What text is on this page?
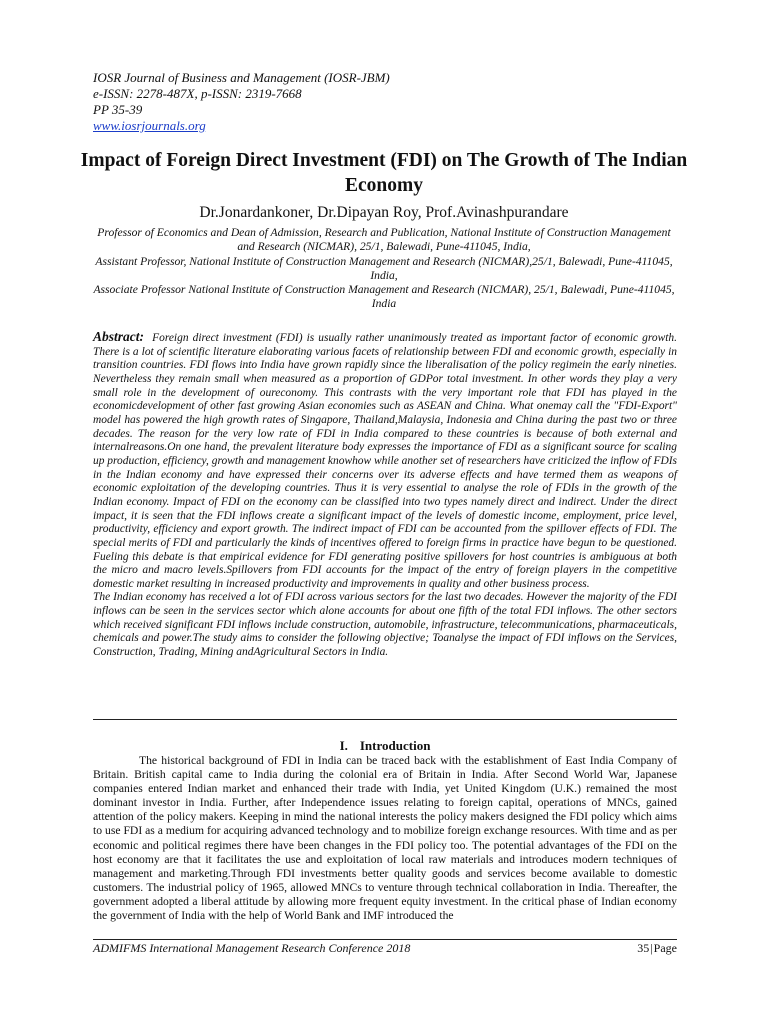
IOSR Journal of Business and Management (IOSR-JBM)
e-ISSN: 2278-487X, p-ISSN: 2319-7668
PP 35-39
www.iosrjournals.org
Impact of Foreign Direct Investment (FDI) on The Growth of The Indian Economy
Dr.Jonardankoner, Dr.Dipayan Roy, Prof.Avinashpurandare
Professor of Economics and Dean of Admission, Research and Publication, National Institute of Construction Management and Research (NICMAR), 25/1, Balewadi, Pune-411045, India,
Assistant Professor, National Institute of Construction Management and Research (NICMAR),25/1, Balewadi, Pune-411045, India,
Associate Professor National Institute of Construction Management and Research (NICMAR), 25/1, Balewadi, Pune-411045, India

Abstract: Foreign direct investment (FDI) is usually rather unanimously treated as important factor of economic growth. There is a lot of scientific literature elaborating various facets of relationship between FDI and economic growth, especially in transition countries. FDI flows into India have grown rapidly since the liberalisation of the policy regimein the early nineties. Nevertheless they remain small when measured as a proportion of GDPor total investment. In other words they play a very small role in the development of oureconomy. This contrasts with the very important role that FDI has played in the economicdevelopment of other fast growing Asian economies such as ASEAN and China. What onemay call the "FDI-Export" model has powered the high growth rates of Singapore, Thailand,Malaysia, Indonesia and China during the past two or three decades. The reason for the very low rate of FDI in India compared to these countries is because of both external and internalreasons.On one hand, the prevalent literature body expresses the importance of FDI as a significant source for scaling up production, efficiency, growth and management knowhow while another set of researchers have criticized the inflow of FDIs in the Indian economy and have expressed their concerns over its adverse effects and have termed them as weapons of economic exploitation of the developing countries. Thus it is very essential to analyse the role of FDIs in the growth of the Indian economy. Impact of FDI on the economy can be classified into two types namely direct and indirect. Under the direct impact, it is seen that the FDI inflows create a significant impact of the levels of domestic income, employment, price level, productivity, efficiency and export growth. The indirect impact of FDI can be accounted from the spillover effects of FDI. The special merits of FDI and particularly the kinds of incentives offered to foreign firms in practice have begun to be questioned. Fueling this debate is that empirical evidence for FDI generating positive spillovers for host countries is ambiguous at both the micro and macro levels.Spillovers from FDI accounts for the impact of the entry of foreign players in the competitive domestic market resulting in increased productivity and improvements in quality and other business process.

The Indian economy has received a lot of FDI across various sectors for the last two decades. However the majority of the FDI inflows can be seen in the services sector which alone accounts for about one fifth of the total FDI inflows. The other sectors which received significant FDI inflows include construction, automobile, infrastructure, telecommunications, pharmaceuticals, chemicals and power.The study aims to consider the following objective; Toanalyse the impact of FDI inflows on the Services, Construction, Trading, Mining andAgricultural Sectors in India.

I. Introduction

The historical background of FDI in India can be traced back with the establishment of East India Company of Britain. British capital came to India during the colonial era of Britain in India. After Second World War, Japanese companies entered Indian market and enhanced their trade with India, yet United Kingdom (U.K.) remained the most dominant investor in India. Further, after Independence issues relating to foreign capital, operations of MNCs, gained attention of the policy makers. Keeping in mind the national interests the policy makers designed the FDI policy which aims to use FDI as a medium for acquiring advanced technology and to mobilize foreign exchange resources. With time and as per economic and political regimes there have been changes in the FDI policy too. The potential advantages of the FDI on the host economy are that it facilitates the use and exploitation of local raw materials and introduces modern techniques of management and marketing.Through FDI investments better quality goods and services become available to domestic customers. The industrial policy of 1965, allowed MNCs to venture through technical collaboration in India. Thereafter, the government adopted a liberal attitude by allowing more frequent equity investment. In the critical phase of Indian economy the government of India with the help of World Bank and IMF introduced the

ADMIFMS International Management Research Conference 2018	35|Page
